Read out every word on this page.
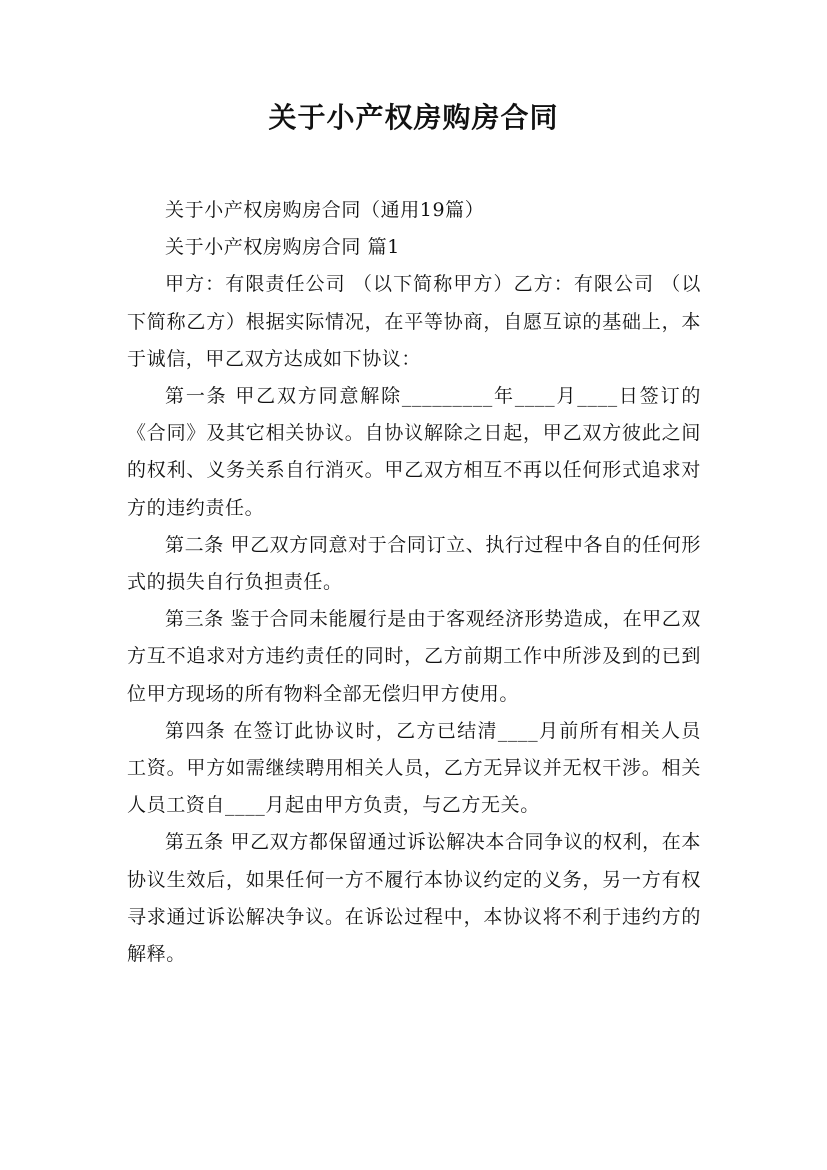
关于小产权房购房合同

关于小产权房购房合同（通用19篇）

关于小产权房购房合同 篇1

甲方：有限责任公司 （以下简称甲方）乙方：有限公司 （以下简称乙方）根据实际情况，在平等协商，自愿互谅的基础上，本于诚信，甲乙双方达成如下协议：

第一条 甲乙双方同意解除_________年____月____日签订的《合同》及其它相关协议。自协议解除之日起，甲乙双方彼此之间的权利、义务关系自行消灭。甲乙双方相互不再以任何形式追求对方的违约责任。

第二条 甲乙双方同意对于合同订立、执行过程中各自的任何形式的损失自行负担责任。

第三条 鉴于合同未能履行是由于客观经济形势造成，在甲乙双方互不追求对方违约责任的同时，乙方前期工作中所涉及到的已到位甲方现场的所有物料全部无偿归甲方使用。

第四条 在签订此协议时，乙方已结清____月前所有相关人员工资。甲方如需继续聘用相关人员，乙方无异议并无权干涉。相关人员工资自____月起由甲方负责，与乙方无关。

第五条 甲乙双方都保留通过诉讼解决本合同争议的权利，在本协议生效后，如果任何一方不履行本协议约定的义务，另一方有权寻求通过诉讼解决争议。在诉讼过程中，本协议将不利于违约方的解释。
